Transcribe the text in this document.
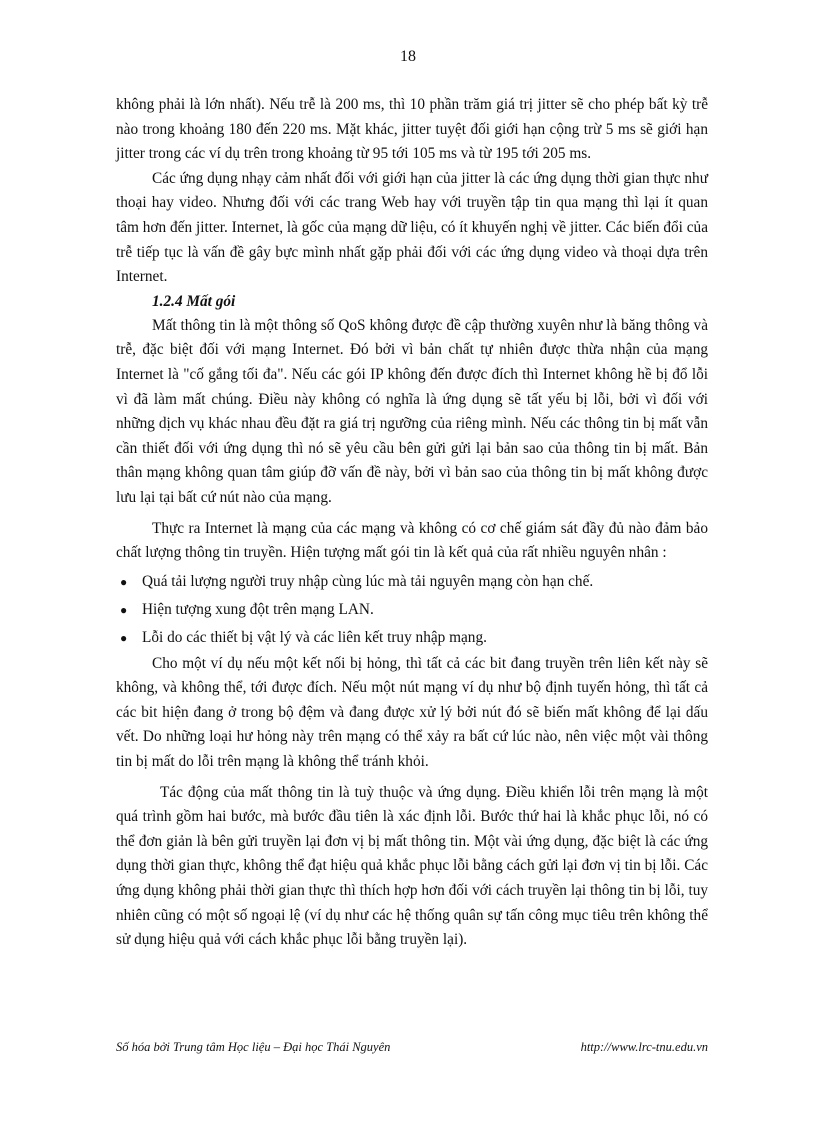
18

không phải là lớn nhất). Nếu trễ là 200 ms, thì 10 phần trăm giá trị jitter sẽ cho phép bất kỳ trễ nào trong khoảng 180 đến 220 ms. Mặt khác, jitter tuyệt đối giới hạn cộng trừ 5 ms sẽ giới hạn jitter trong các ví dụ trên trong khoảng từ 95 tới 105 ms và từ 195 tới 205 ms.

Các ứng dụng nhạy cảm nhất đối với giới hạn của jitter là các ứng dụng thời gian thực như thoại hay video. Nhưng đối với các trang Web hay với truyền tập tin qua mạng thì lại ít quan tâm hơn đến jitter. Internet, là gốc của mạng dữ liệu, có ít khuyến nghị về jitter. Các biến đổi của trễ tiếp tục là vấn đề gây bực mình nhất gặp phải đối với các ứng dụng video và thoại dựa trên Internet.

1.2.4 Mất gói

Mất thông tin là một thông số QoS không được đề cập thường xuyên như là băng thông và trễ, đặc biệt đối với mạng Internet. Đó bởi vì bản chất tự nhiên được thừa nhận của mạng Internet là "cố gắng tối đa". Nếu các gói IP không đến được đích thì Internet không hề bị đổ lỗi vì đã làm mất chúng. Điều này không có nghĩa là ứng dụng sẽ tất yếu bị lỗi, bởi vì đối với những dịch vụ khác nhau đều đặt ra giá trị ngưỡng của riêng mình. Nếu các thông tin bị mất vẫn cần thiết đối với ứng dụng thì nó sẽ yêu cầu bên gửi gửi lại bản sao của thông tin bị mất. Bản thân mạng không quan tâm giúp đỡ vấn đề này, bởi vì bản sao của thông tin bị mất không được lưu lại tại bất cứ nút nào của mạng.

Thực ra Internet là mạng của các mạng và không có cơ chế giám sát đầy đủ nào đảm bảo chất lượng thông tin truyền. Hiện tượng mất gói tin là kết quả của rất nhiều nguyên nhân :

● Quá tải lượng người truy nhập cùng lúc mà tải nguyên mạng còn hạn chế.
● Hiện tượng xung đột trên mạng LAN.
● Lỗi do các thiết bị vật lý và các liên kết truy nhập mạng.

Cho một ví dụ nếu một kết nối bị hỏng, thì tất cả các bit đang truyền trên liên kết này sẽ không, và không thể, tới được đích. Nếu một nút mạng ví dụ như bộ định tuyến hỏng, thì tất cả các bit hiện đang ở trong bộ đệm và đang được xử lý bởi nút đó sẽ biến mất không để lại dấu vết. Do những loại hư hỏng này trên mạng có thể xảy ra bất cứ lúc nào, nên việc một vài thông tin bị mất do lỗi trên mạng là không thể tránh khỏi.

Tác động của mất thông tin là tuỳ thuộc và ứng dụng. Điều khiển lỗi trên mạng là một quá trình gồm hai bước, mà bước đầu tiên là xác định lỗi. Bước thứ hai là khắc phục lỗi, nó có thể đơn giản là bên gửi truyền lại đơn vị bị mất thông tin. Một vài ứng dụng, đặc biệt là các ứng dụng thời gian thực, không thể đạt hiệu quả khắc phục lỗi bằng cách gửi lại đơn vị tin bị lỗi. Các ứng dụng không phải thời gian thực thì thích hợp hơn đối với cách truyền lại thông tin bị lỗi, tuy nhiên cũng có một số ngoại lệ (ví dụ như các hệ thống quân sự tấn công mục tiêu trên không thể sử dụng hiệu quả với cách khắc phục lỗi bằng truyền lại).

Số hóa bởi Trung tâm Học liệu – Đại học Thái Nguyên	http://www.lrc-tnu.edu.vn
